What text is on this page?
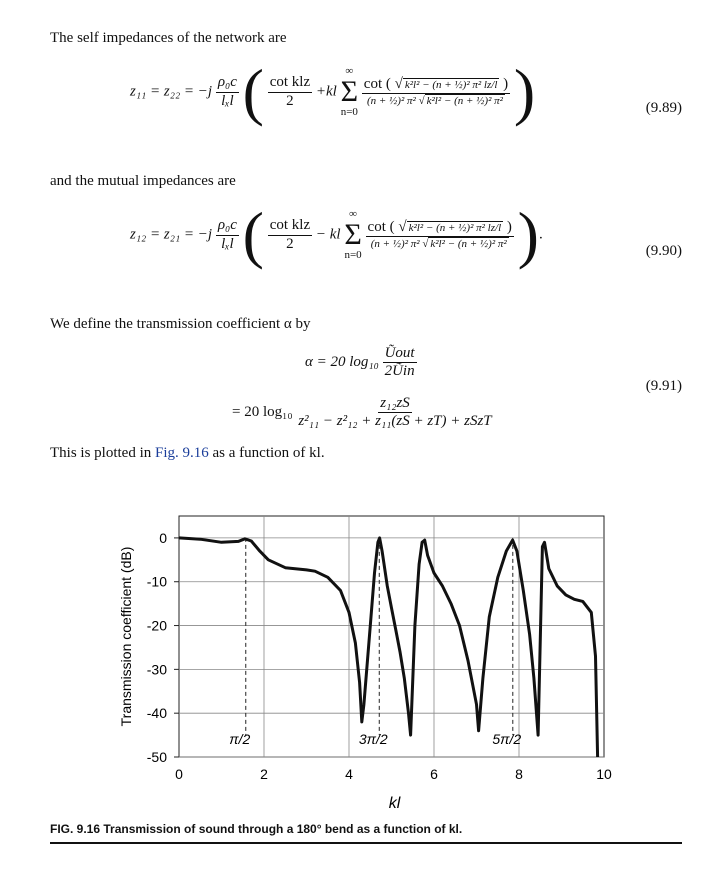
The self impedances of the network are
$z_{11} = z_{22} = -j \frac{\text{ρ₀c}}{\text{lₓl}}$ ( $\frac{\text{cot klz}}{2} +kl$
∞
Σ
n=0

$\frac{\text{cot ( √ k²l² − (n + ½)² π² lz/l )}}{\text{(n + ½)² π² √ k²l² − (n + ½)² π²}}$ )	(9.89)
and the mutual impedances are
$z_{12} = z_{21} = -j \frac{\text{ρ₀c}}{\text{lₓl}}$ ( $\frac{\text{cot klz}}{2}$ − kl
∞
Σ
n=0

$\frac{\text{cot ( √ k²l² − (n + ½)² π² lz/l )}}{\text{(n + ½)² π² √ k²l² − (n + ½)² π²}}$ ).
(9.90)
We define the transmission coefficient α by
α = 20 $\log_{10} \frac{\text{Ũout}}{\text{2Ũin}}$
= 20 $\log_{10} \frac{\text{z₁₂zS}}{\text{z²₁₁ − z²₁₂ + z₁₁(zS + zT) + zSzT}}$
(9.91)
This is plotted in Fig. 9.16 as a function of kl.
0	2	4	6	8	10
0
-10
-20
-30
-40
-50
π/2	3π/2	5π/2
kl
Transmission coefficient (dB)
FIG. 9.16 Transmission of sound through a 180° bend as a function of kl.
